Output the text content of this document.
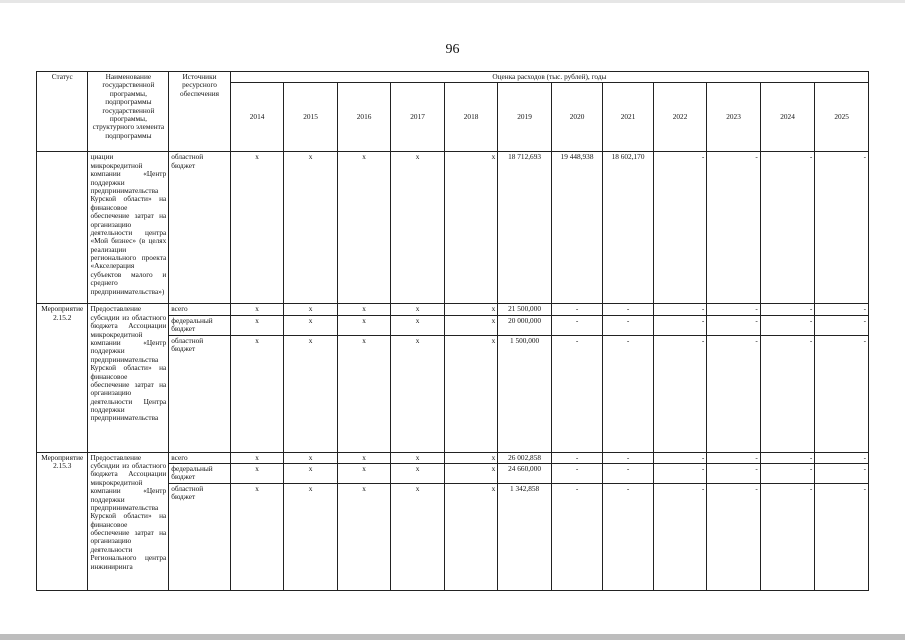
96
Статус	Наименование государственной программы, подпрограммы государственной программы, структурного элемента подпрограммы	Источники ресурсного обеспечения	Оценка расходов (тыс. рублей), годы											
			2014	2015	2016	2017	2018	2019	2020	2021	2022	2023	2024	2025
	циации микрокредитной компании «Центр поддержки предпринимательства Курской области» на финансовое обеспечение затрат на организацию деятельности центра «Мой бизнес» (в целях реализации регионального проекта «Акселерация субъектов малого и среднего предпринимательства»)	областной бюджет	x	x	x	x	x	18 712,693	19 448,938	18 602,170	-	-	-	-
Мероприятие 2.15.2	Предоставление субсидии из областного бюджета Ассоциации микрокредитной компании «Центр поддержки предпринимательства Курской области» на финансовое обеспечение затрат на организацию деятельности Центра поддержки предпринимательства	всего	x	x	x	x	x	21 500,000	-	-	-	-	-	-
		федеральный бюджет	x	x	x	x	x	20 000,000	-	-	-	-	-	-
		областной бюджет	x	x	x	x	x	1 500,000	-	-	-	-	-	-
Мероприятие 2.15.3	Предоставление субсидии из областного бюджета Ассоциации микрокредитной компании «Центр поддержки предпринимательства Курской области» на финансовое обеспечение затрат на организацию деятельности Регионального центра инжиниринга	всего	x	x	x	x	x	26 002,858	-	-	-	-	-	-
		федеральный бюджет	x	x	x	x	x	24 660,000	-	-	-	-	-	-
		областной бюджет	x	x	x	x	x	1 342,858	-	-	-	-	-	-
